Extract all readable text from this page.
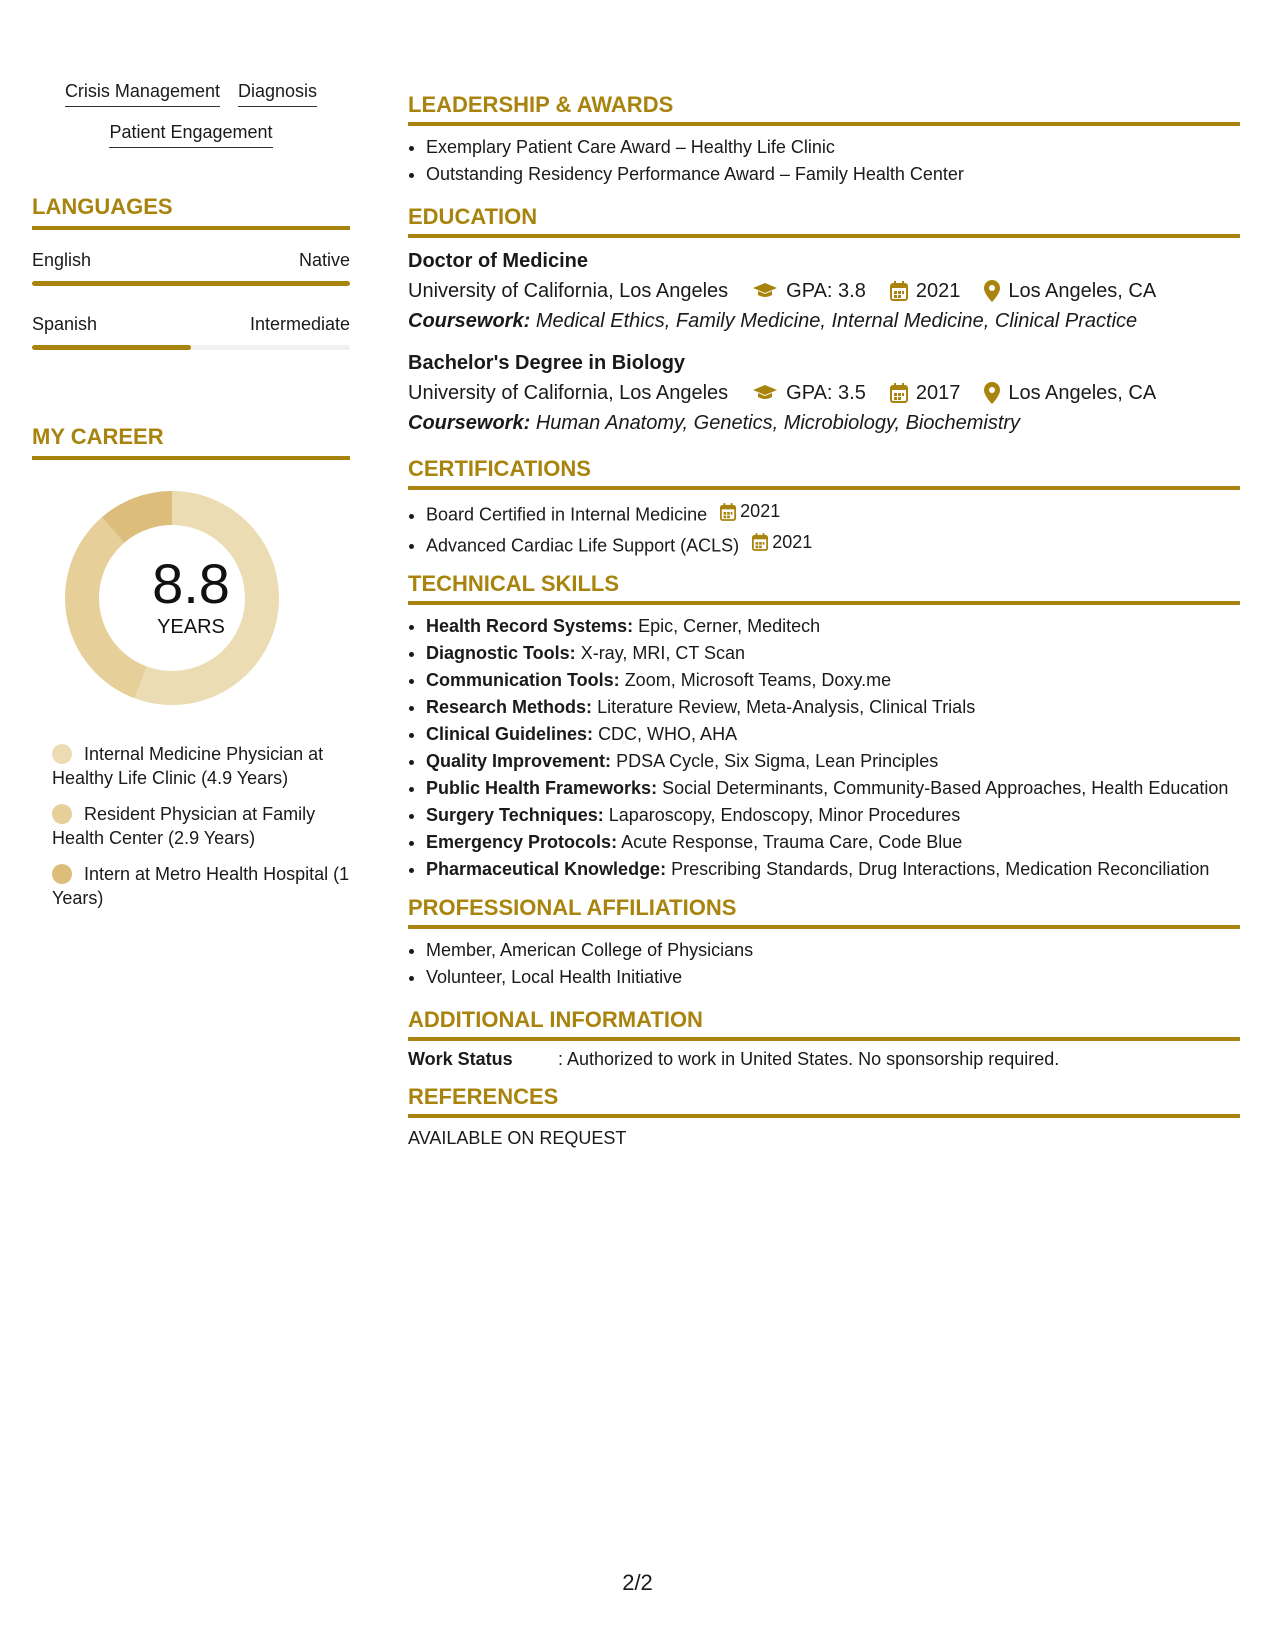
Crisis Management Diagnosis
Patient Engagement
LANGUAGES
English	Native
Spanish	Intermediate
MY CAREER
8.8
YEARS
Internal Medicine Physician at Healthy Life Clinic (4.9 Years)
Resident Physician at Family Health Center (2.9 Years)
Intern at Metro Health Hospital (1 Years)
LEADERSHIP & AWARDS
• Exemplary Patient Care Award – Healthy Life Clinic
• Outstanding Residency Performance Award – Family Health Center
EDUCATION
Doctor of Medicine
University of California, Los Angeles	GPA: 3.8	2021 Los Angeles, CA
Coursework: Medical Ethics, Family Medicine, Internal Medicine, Clinical Practice
Bachelor's Degree in Biology
University of California, Los Angeles	GPA: 3.5	2017 Los Angeles, CA
Coursework: Human Anatomy, Genetics, Microbiology, Biochemistry
CERTIFICATIONS
• Board Certified in Internal Medicine 2021
• Advanced Cardiac Life Support (ACLS) 2021
TECHNICAL SKILLS
• Health Record Systems: Epic, Cerner, Meditech
• Diagnostic Tools: X-ray, MRI, CT Scan
• Communication Tools: Zoom, Microsoft Teams, Doxy.me
• Research Methods: Literature Review, Meta-Analysis, Clinical Trials
• Clinical Guidelines: CDC, WHO, AHA
• Quality Improvement: PDSA Cycle, Six Sigma, Lean Principles
• Public Health Frameworks: Social Determinants, Community-Based Approaches, Health Education
• Surgery Techniques: Laparoscopy, Endoscopy, Minor Procedures
• Emergency Protocols: Acute Response, Trauma Care, Code Blue
• Pharmaceutical Knowledge: Prescribing Standards, Drug Interactions, Medication Reconciliation
PROFESSIONAL AFFILIATIONS
• Member, American College of Physicians
• Volunteer, Local Health Initiative
ADDITIONAL INFORMATION
Work Status	: Authorized to work in United States. No sponsorship required.
REFERENCES
AVAILABLE ON REQUEST
2/2
